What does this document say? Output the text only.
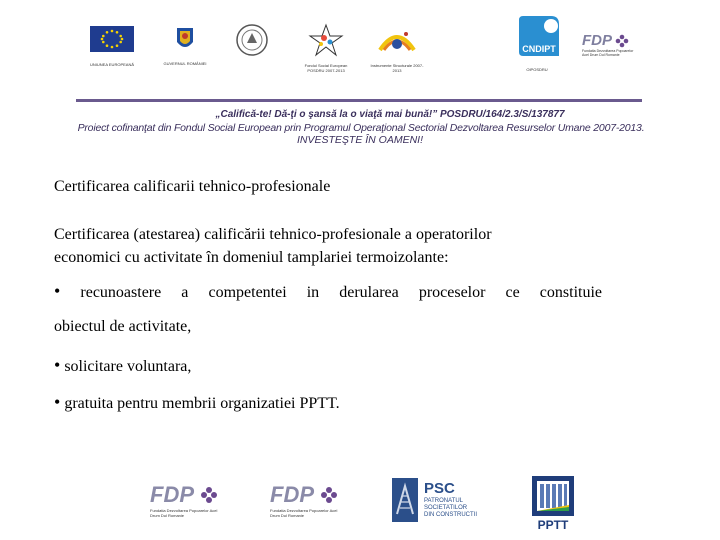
UNIUNEA EUROPEANĂ	GUVERNUL ROMÂNIEI	Fondul Social European POSDRU 2007-2013
Instrumente Structurale 2007-2013
CNDIPT
OIPOSDRU
FDP
Fundatia Dezvoltarea Popoarelor Acel Drum Dul Romanie
„Califică-te! Dă-ţi o şansă la o viaţă mai bună!” POSDRU/164/2.3/S/137877
Proiect cofinanţat din Fondul Social European prin Programul Operaţional Sectorial Dezvoltarea Resurselor Umane 2007-2013.
INVESTEŞTE ÎN OAMENI!
Certificarea calificarii tehnico-profesionale
Certificarea (atestarea) calificării tehnico-profesionale a operatorilor
economici cu activitate în domeniul tamplariei termoizolante:
• recunoastere a competentei in derularea proceselor ce constituie
obiectul de activitate,
• solicitare voluntara,
• gratuita pentru membrii organizatiei PPTT.
FDP
Fundatia Dezvoltarea Popoarelor Acel Drum Dul Romanie
FDP
Fundatia Dezvoltarea Popoarelor Acel Drum Dul Romanie
PSC
PATRONATUL
SOCIETATILOR
DIN CONSTRUCTII
PPTT
